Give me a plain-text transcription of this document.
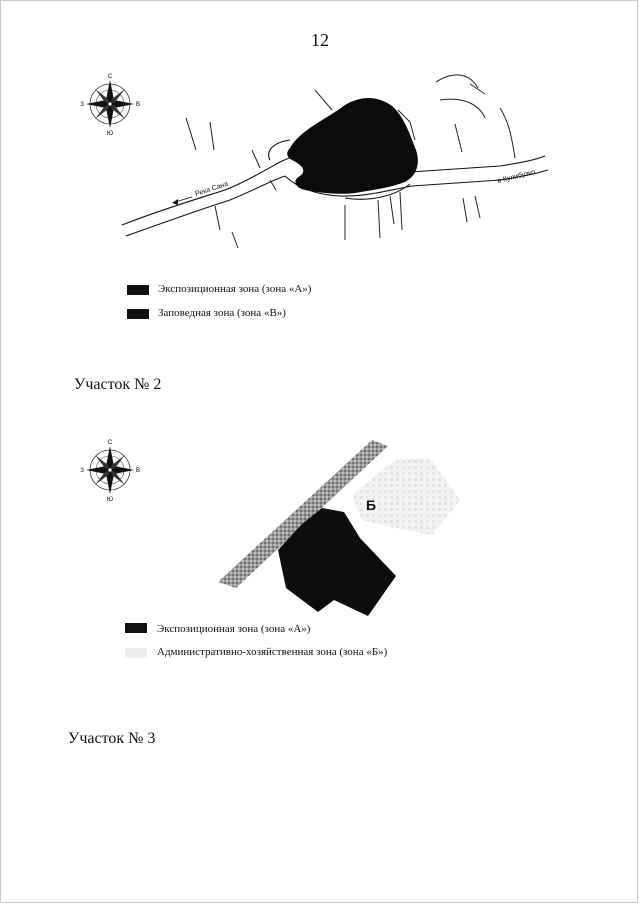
12
С
Ю
З	В
Река Сана
в Кулибузко
Экспозиционная зона (зона «А»)
Заповедная зона (зона «В»)
Участок № 2
С
Ю
З	В
Б
Экспозиционная зона (зона «А»)
Административно-хозяйственная зона (зона «Б»)
Участок № 3
